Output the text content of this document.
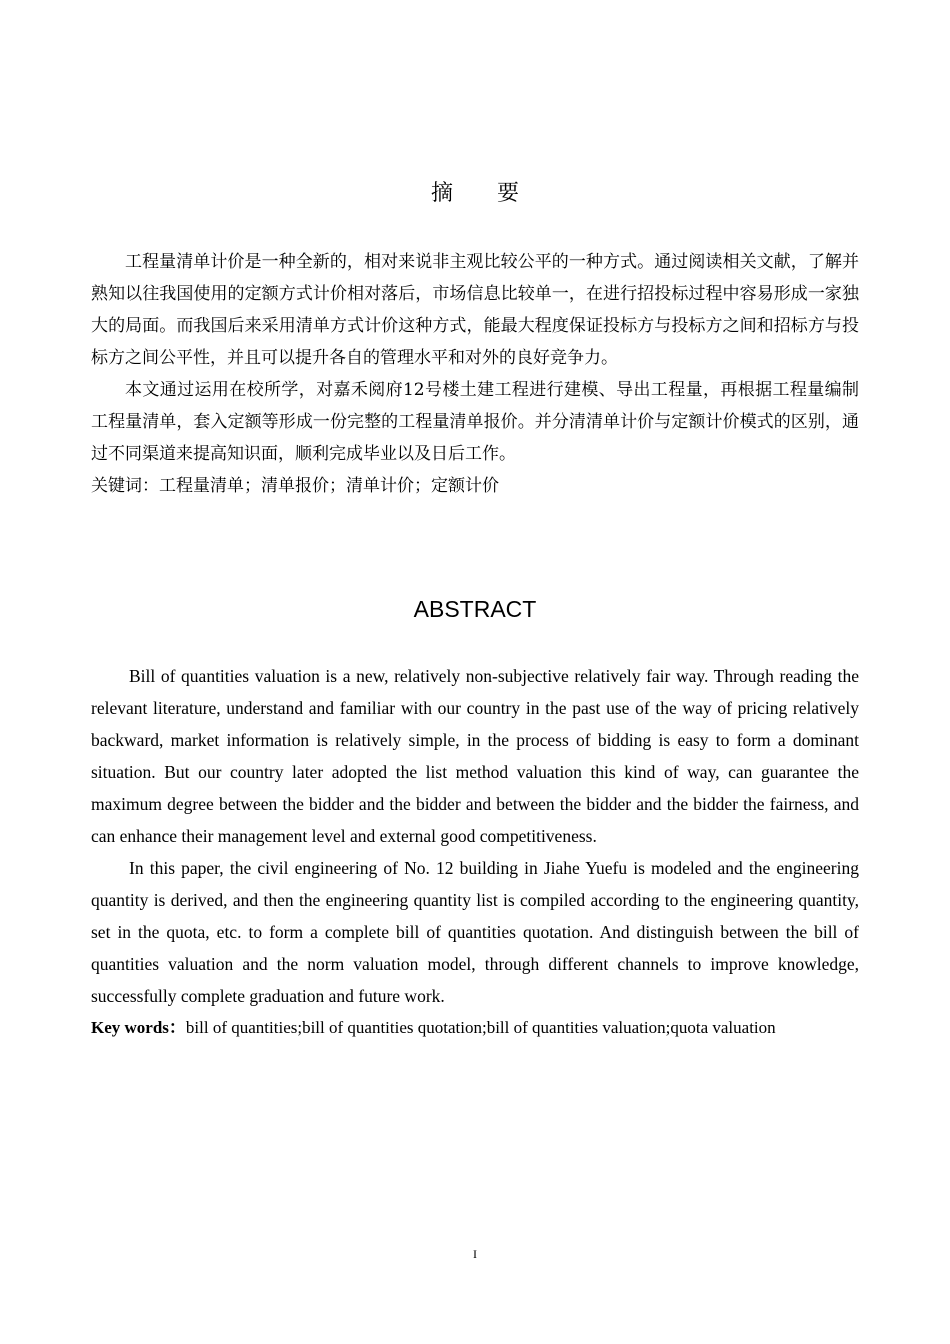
摘要

工程量清单计价是一种全新的，相对来说非主观比较公平的一种方式。通过阅读相关文献，了解并熟知以往我国使用的定额方式计价相对落后，市场信息比较单一，在进行招投标过程中容易形成一家独大的局面。而我国后来采用清单方式计价这种方式，能最大程度保证投标方与投标方之间和招标方与投标方之间公平性，并且可以提升各自的管理水平和对外的良好竞争力。

本文通过运用在校所学，对嘉禾阅府12号楼土建工程进行建模、导出工程量，再根据工程量编制工程量清单，套入定额等形成一份完整的工程量清单报价。并分清清单计价与定额计价模式的区别，通过不同渠道来提高知识面，顺利完成毕业以及日后工作。

关键词：工程量清单；清单报价；清单计价；定额计价

ABSTRACT

Bill of quantities valuation is a new, relatively non-subjective relatively fair way. Through reading the relevant literature, understand and familiar with our country in the past use of the way of pricing relatively backward, market information is relatively simple, in the process of bidding is easy to form a dominant situation. But our country later adopted the list method valuation this kind of way, can guarantee the maximum degree between the bidder and the bidder and between the bidder and the bidder the fairness, and can enhance their management level and external good competitiveness.

In this paper, the civil engineering of No. 12 building in Jiahe Yuefu is modeled and the engineering quantity is derived, and then the engineering quantity list is compiled according to the engineering quantity, set in the quota, etc. to form a complete bill of quantities quotation. And distinguish between the bill of quantities valuation and the norm valuation model, through different channels to improve knowledge, successfully complete graduation and future work.

Key words：bill of quantities;bill of quantities quotation;bill of quantities valuation;quota valuation

I
